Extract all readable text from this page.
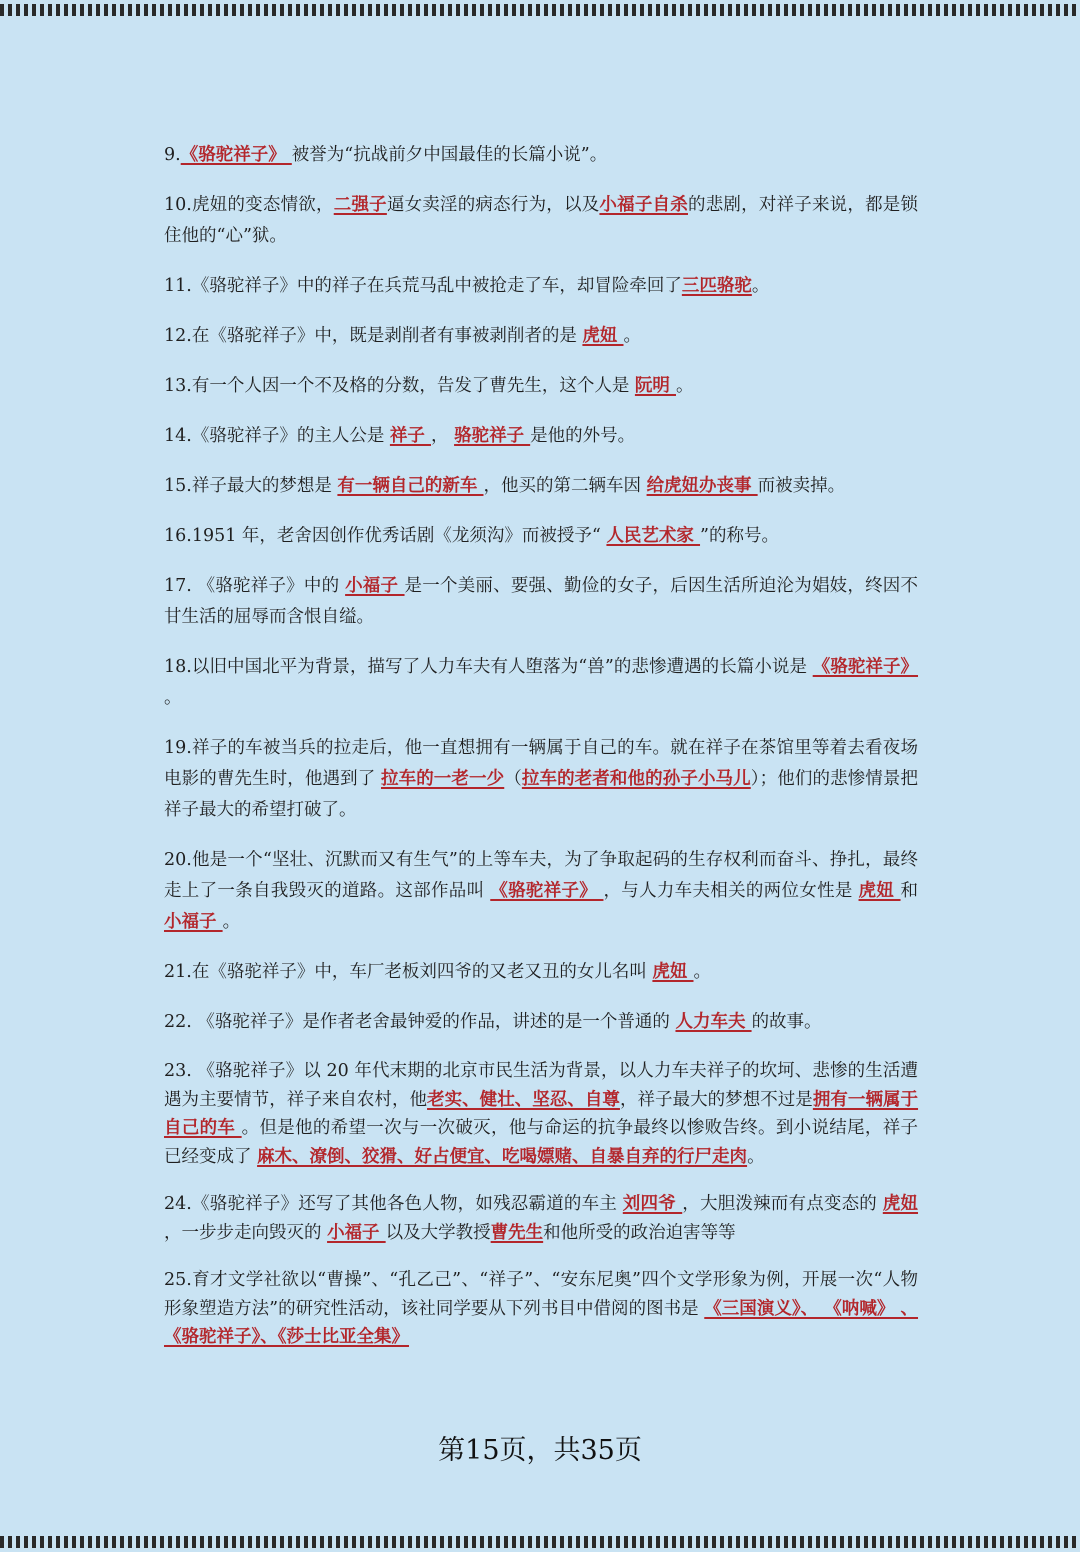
9.《骆驼祥子》 被誉为“抗战前夕中国最佳的长篇小说”。

10.虎妞的变态情欲，二强子逼女卖淫的病态行为，以及小福子自杀的悲剧，对祥子来说，都是锁住他的“心”狱。

11.《骆驼祥子》中的祥子在兵荒马乱中被抢走了车，却冒险牵回了三匹骆驼。

12.在《骆驼祥子》中，既是剥削者有事被剥削者的是 虎妞 。

13.有一个人因一个不及格的分数，告发了曹先生，这个人是 阮明 。

14.《骆驼祥子》的主人公是 祥子 ， 骆驼祥子 是他的外号。

15.祥子最大的梦想是 有一辆自己的新车 ，他买的第二辆车因 给虎妞办丧事 而被卖掉。

16.1951 年，老舍因创作优秀话剧《龙须沟》而被授予“ 人民艺术家 ”的称号。

17. 《骆驼祥子》中的 小福子 是一个美丽、要强、勤俭的女子，后因生活所迫沦为娼妓，终因不甘生活的屈辱而含恨自缢。

18.以旧中国北平为背景，描写了人力车夫有人堕落为“兽”的悲惨遭遇的长篇小说是 《骆驼祥子》 。

19.祥子的车被当兵的拉走后，他一直想拥有一辆属于自己的车。就在祥子在茶馆里等着去看夜场电影的曹先生时，他遇到了 拉车的一老一少（拉车的老者和他的孙子小马儿）；他们的悲惨情景把祥子最大的希望打破了。

20.他是一个“坚壮、沉默而又有生气”的上等车夫，为了争取起码的生存权利而奋斗、挣扎，最终走上了一条自我毁灭的道路。这部作品叫 《骆驼祥子》 ，与人力车夫相关的两位女性是 虎妞 和 小福子 。

21.在《骆驼祥子》中，车厂老板刘四爷的又老又丑的女儿名叫 虎妞 。

22. 《骆驼祥子》是作者老舍最钟爱的作品，讲述的是一个普通的 人力车夫 的故事。

23. 《骆驼祥子》以 20 年代末期的北京市民生活为背景，以人力车夫祥子的坎坷、悲惨的生活遭遇为主要情节，祥子来自农村，他老实、健壮、坚忍、自尊，祥子最大的梦想不过是拥有一辆属于自己的车 。但是他的希望一次与一次破灭，他与命运的抗争最终以惨败告终。到小说结尾，祥子已经变成了 麻木、潦倒、狡猾、好占便宜、吃喝嫖赌、自暴自弃的行尸走肉。

24.《骆驼祥子》还写了其他各色人物，如残忍霸道的车主 刘四爷 ，大胆泼辣而有点变态的 虎妞 ，一步步走向毁灭的 小福子 以及大学教授曹先生和他所受的政治迫害等等

25.育才文学社欲以“曹操”、“孔乙己”、“祥子”、“安东尼奥”四个文学形象为例，开展一次“人物形象塑造方法”的研究性活动，该社同学要从下列书目中借阅的图书是 《三国演义》、 《呐喊》 、《骆驼祥子》、《莎士比亚全集》

第15页，共35页
